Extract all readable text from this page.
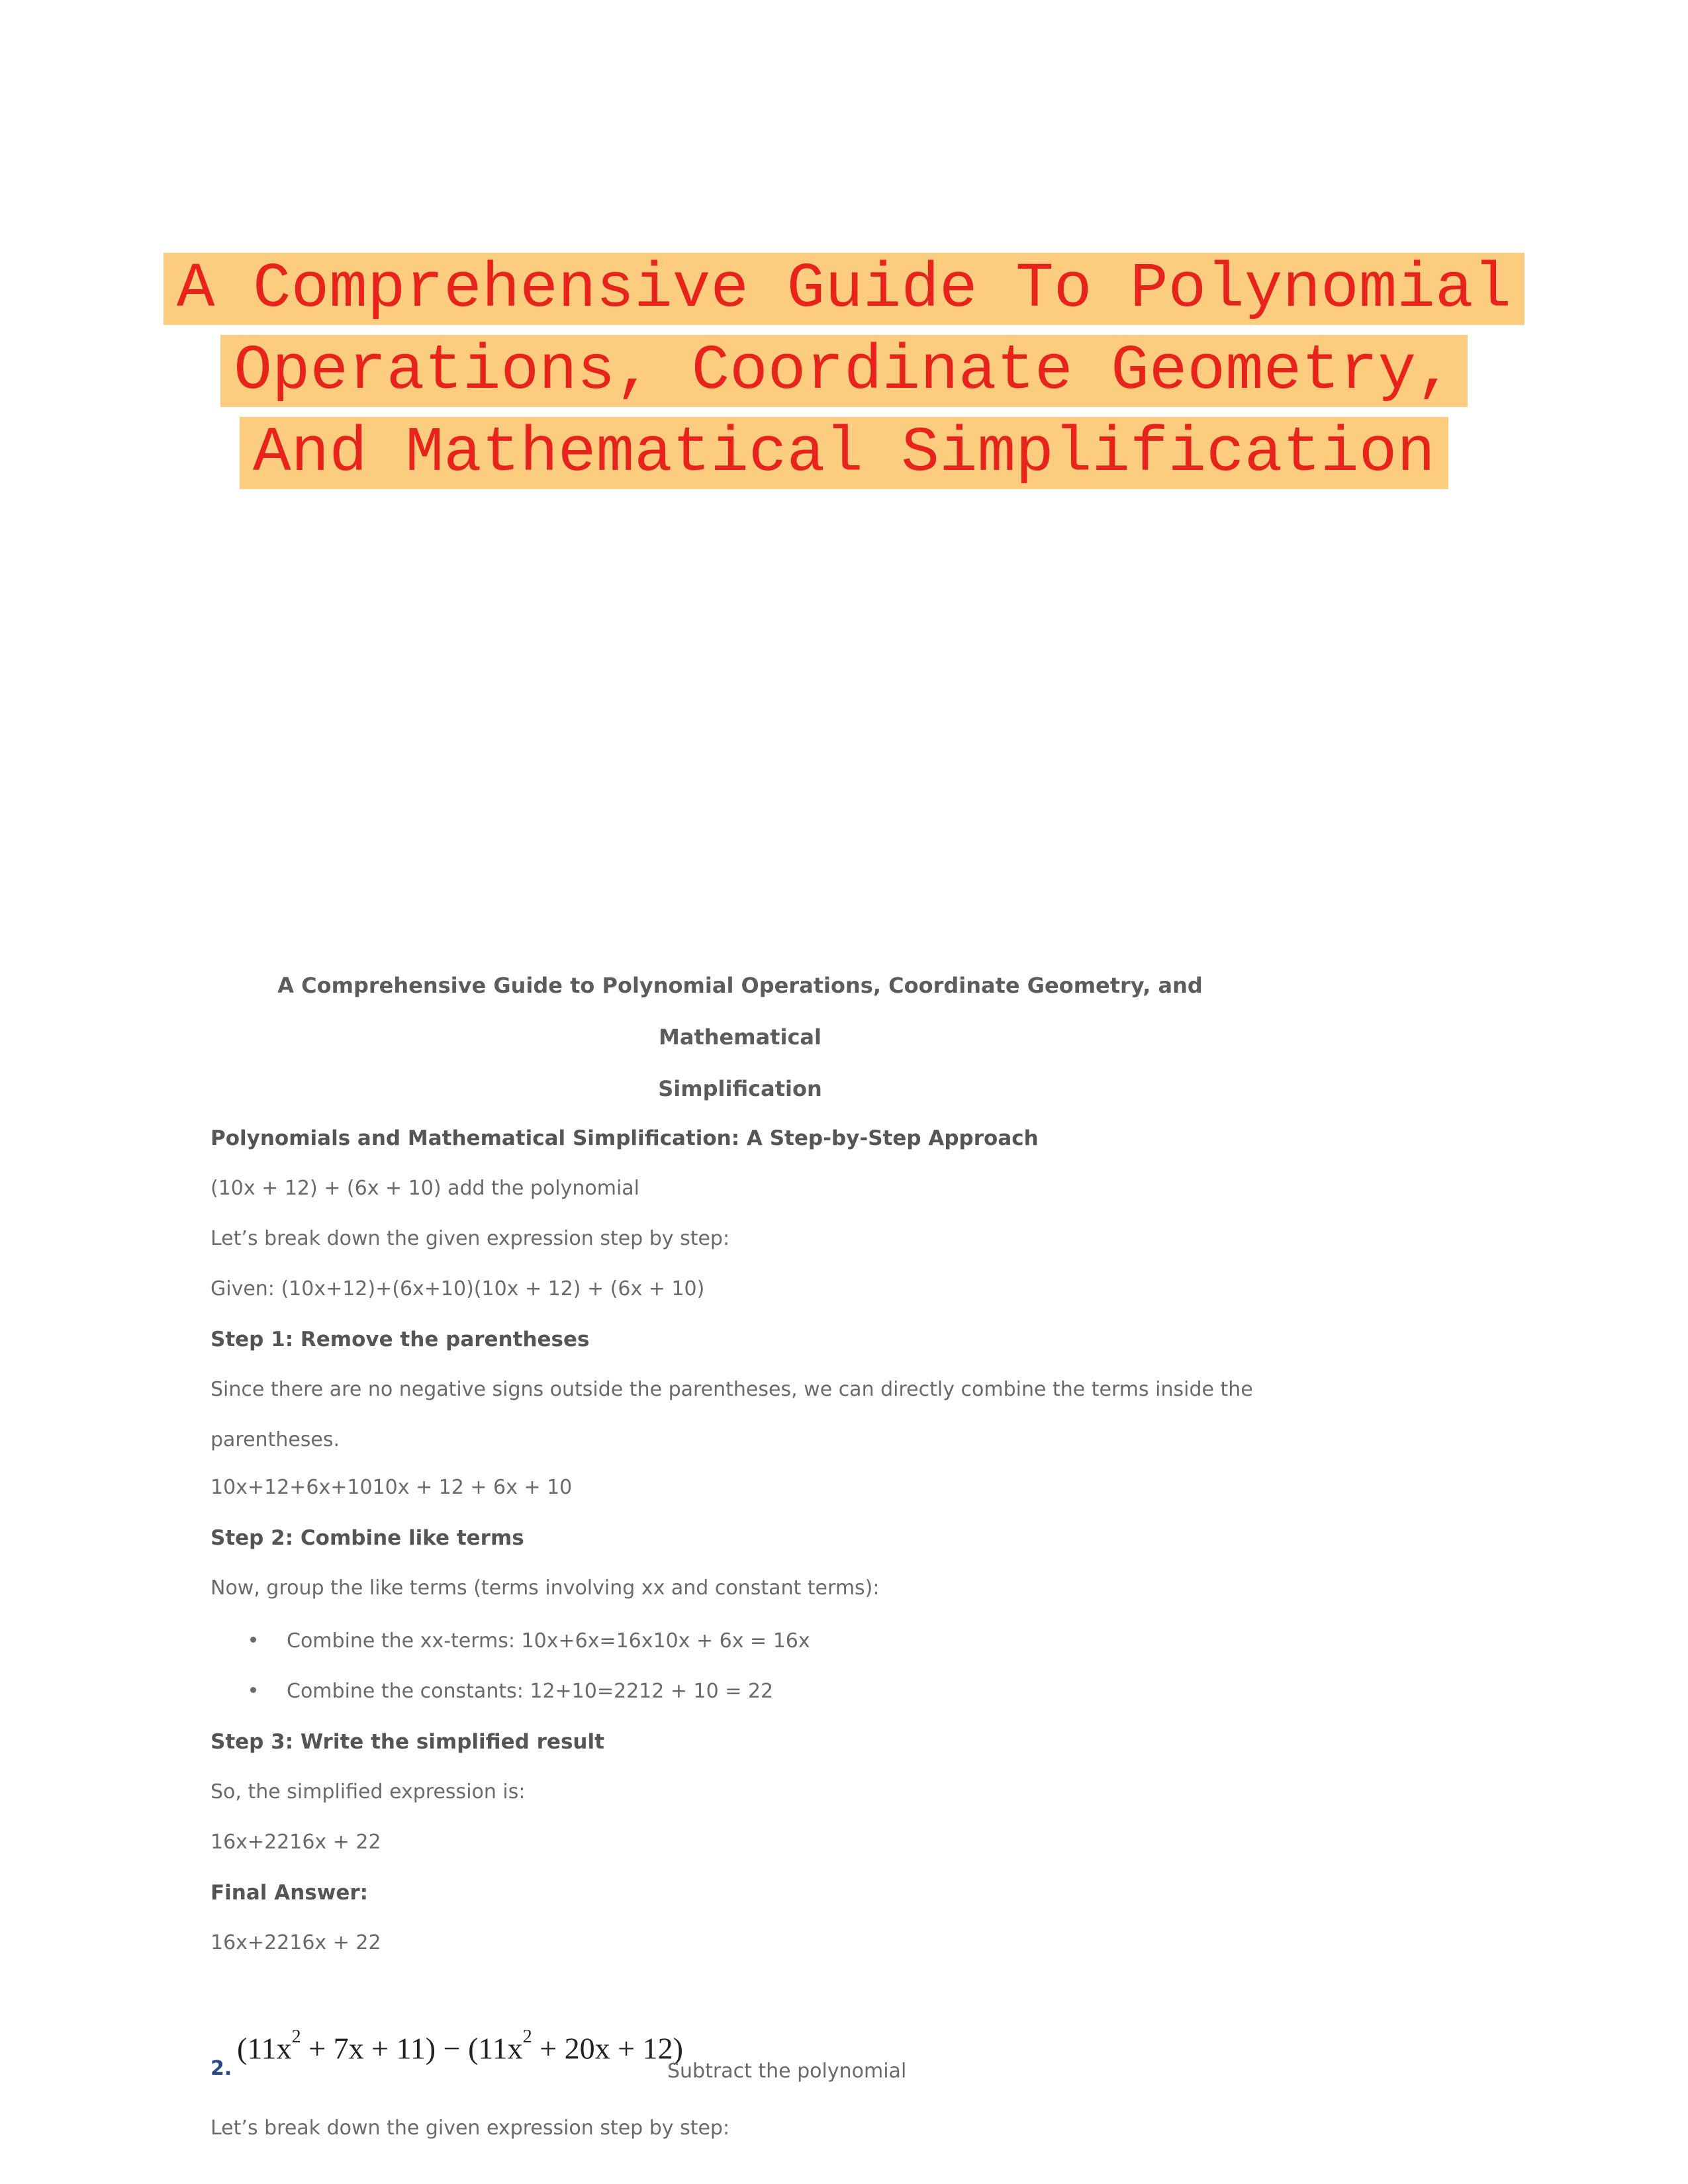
A Comprehensive Guide To Polynomial
Operations, Coordinate Geometry,
And Mathematical Simplification
A Comprehensive Guide to Polynomial Operations, Coordinate Geometry, and Mathematical
Simplification
Polynomials and Mathematical Simplification: A Step-by-Step Approach
(10x + 12) + (6x + 10) add the polynomial
Let’s break down the given expression step by step:
Given: (10x+12)+(6x+10)(10x + 12) + (6x + 10)
Step 1: Remove the parentheses
Since there are no negative signs outside the parentheses, we can directly combine the terms inside the
parentheses.
10x+12+6x+1010x + 12 + 6x + 10
Step 2: Combine like terms
Now, group the like terms (terms involving xx and constant terms):
Combine the xx-terms: 10x+6x=16x10x + 6x = 16x
Combine the constants: 12+10=2212 + 10 = 22
Step 3: Write the simplified result
So, the simplified expression is:
16x+2216x + 22
Final Answer:
16x+2216x + 22
2.
$(11x^2 + 7x + 11) - (11x^2 + 20x + 12)$
Subtract the polynomial
Let’s break down the given expression step by step:
